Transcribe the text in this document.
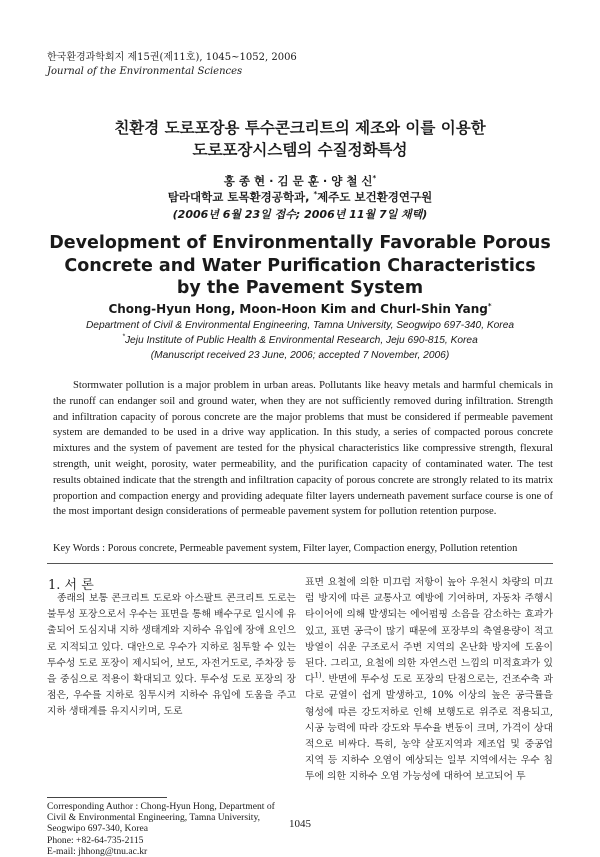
한국환경과학회지 제15권(제11호), 1045~1052, 2006
Journal of the Environmental Sciences
친환경 도로포장용 투수콘크리트의 제조와 이를 이용한
도로포장시스템의 수질정화특성
홍 종 현 · 김 문 훈 · 양 철 신*
탐라대학교 토목환경공학과, *제주도 보건환경연구원
(2006년 6월 23일 접수; 2006년 11월 7일 채택)
Development of Environmentally Favorable Porous
Concrete and Water Purification Characteristics
by the Pavement System
Chong-Hyun Hong, Moon-Hoon Kim and Churl-Shin Yang*
Department of Civil & Environmental Engineering, Tamna University, Seogwipo 697-340, Korea
*Jeju Institute of Public Health & Environmental Research, Jeju 690-815, Korea
(Manuscript received 23 June, 2006; accepted 7 November, 2006)
Stormwater pollution is a major problem in urban areas. Pollutants like heavy metals and harmful chemicals in the runoff can endanger soil and ground water, when they are not sufficiently removed during infiltration. Strength and infiltration capacity of porous concrete are the major problems that must be considered if permeable pavement system are demanded to be used in a drive way application. In this study, a series of compacted porous concrete mixtures and the system of pavement are tested for the physical characteristics like compressive strength, flexural strength, unit weight, porosity, water permeability, and the purification capacity of contaminated water. The test results obtained indicate that the strength and infiltration capacity of porous concrete are strongly related to its matrix proportion and compaction energy and providing adequate filter layers underneath pavement surface course is one of the most important design considerations of permeable pavement system for pollution retention purpose.
Key Words : Porous concrete, Permeable pavement system, Filter layer, Compaction energy, Pollution retention
1. 서 론
종래의 보통 콘크리트 도로와 아스팔트 콘크리트 도로는 불투성 포장으로서 우수는 표면을 통해 배수구로 일시에 유출되어 도심지내 지하 생태계와 지하수 유입에 장애 요인으로 지적되고 있다. 대안으로 우수가 지하로 침투할 수 있는 투수성 도로 포장이 제시되어, 보도, 자전거도로, 주차장 등을 중심으로 적용이 확대되고 있다. 투수성 도로 포장의 장점은, 우수를 지하로 침투시켜 지하수 유입에 도움을 주고 지하 생태계를 유지시키며, 도로
표면 요철에 의한 미끄럼 저항이 높아 우천시 차량의 미끄럼 방지에 따른 교통사고 예방에 기여하며, 자동차 주행시 타이어에 의해 발생되는 에어펌핑 소음을 감소하는 효과가 있고, 표면 공극이 많기 때문에 포장부의 축열용량이 적고 방열이 쉬운 구조로서 주변 지역의 온난화 방지에 도움이 된다. 그리고, 요철에 의한 자연스런 느낌의 미적효과가 있다$^{1)}$. 반면에 투수성 도로 포장의 단점으로는, 건조수축 과다로 균열이 쉽게 발생하고, 10% 이상의 높은 공극률을 형성에 따른 강도저하로 인해 보행도로 위주로 적용되고, 시공 능력에 따라 강도와 투수율 변동이 크며, 가격이 상대적으로 비싸다. 특히, 농약 살포지역과 제조업 및 중공업 지역 등 지하수 오염이 예상되는 일부 지역에서는 우수 침투에 의한 지하수 오염 가능성에 대하여 보고되어 투
Corresponding Author : Chong-Hyun Hong, Department of
Civil & Environmental Engineering, Tamna University,
Seogwipo 697-340, Korea
Phone: +82-64-735-2115
E-mail: jhhong@tnu.ac.kr
1045
